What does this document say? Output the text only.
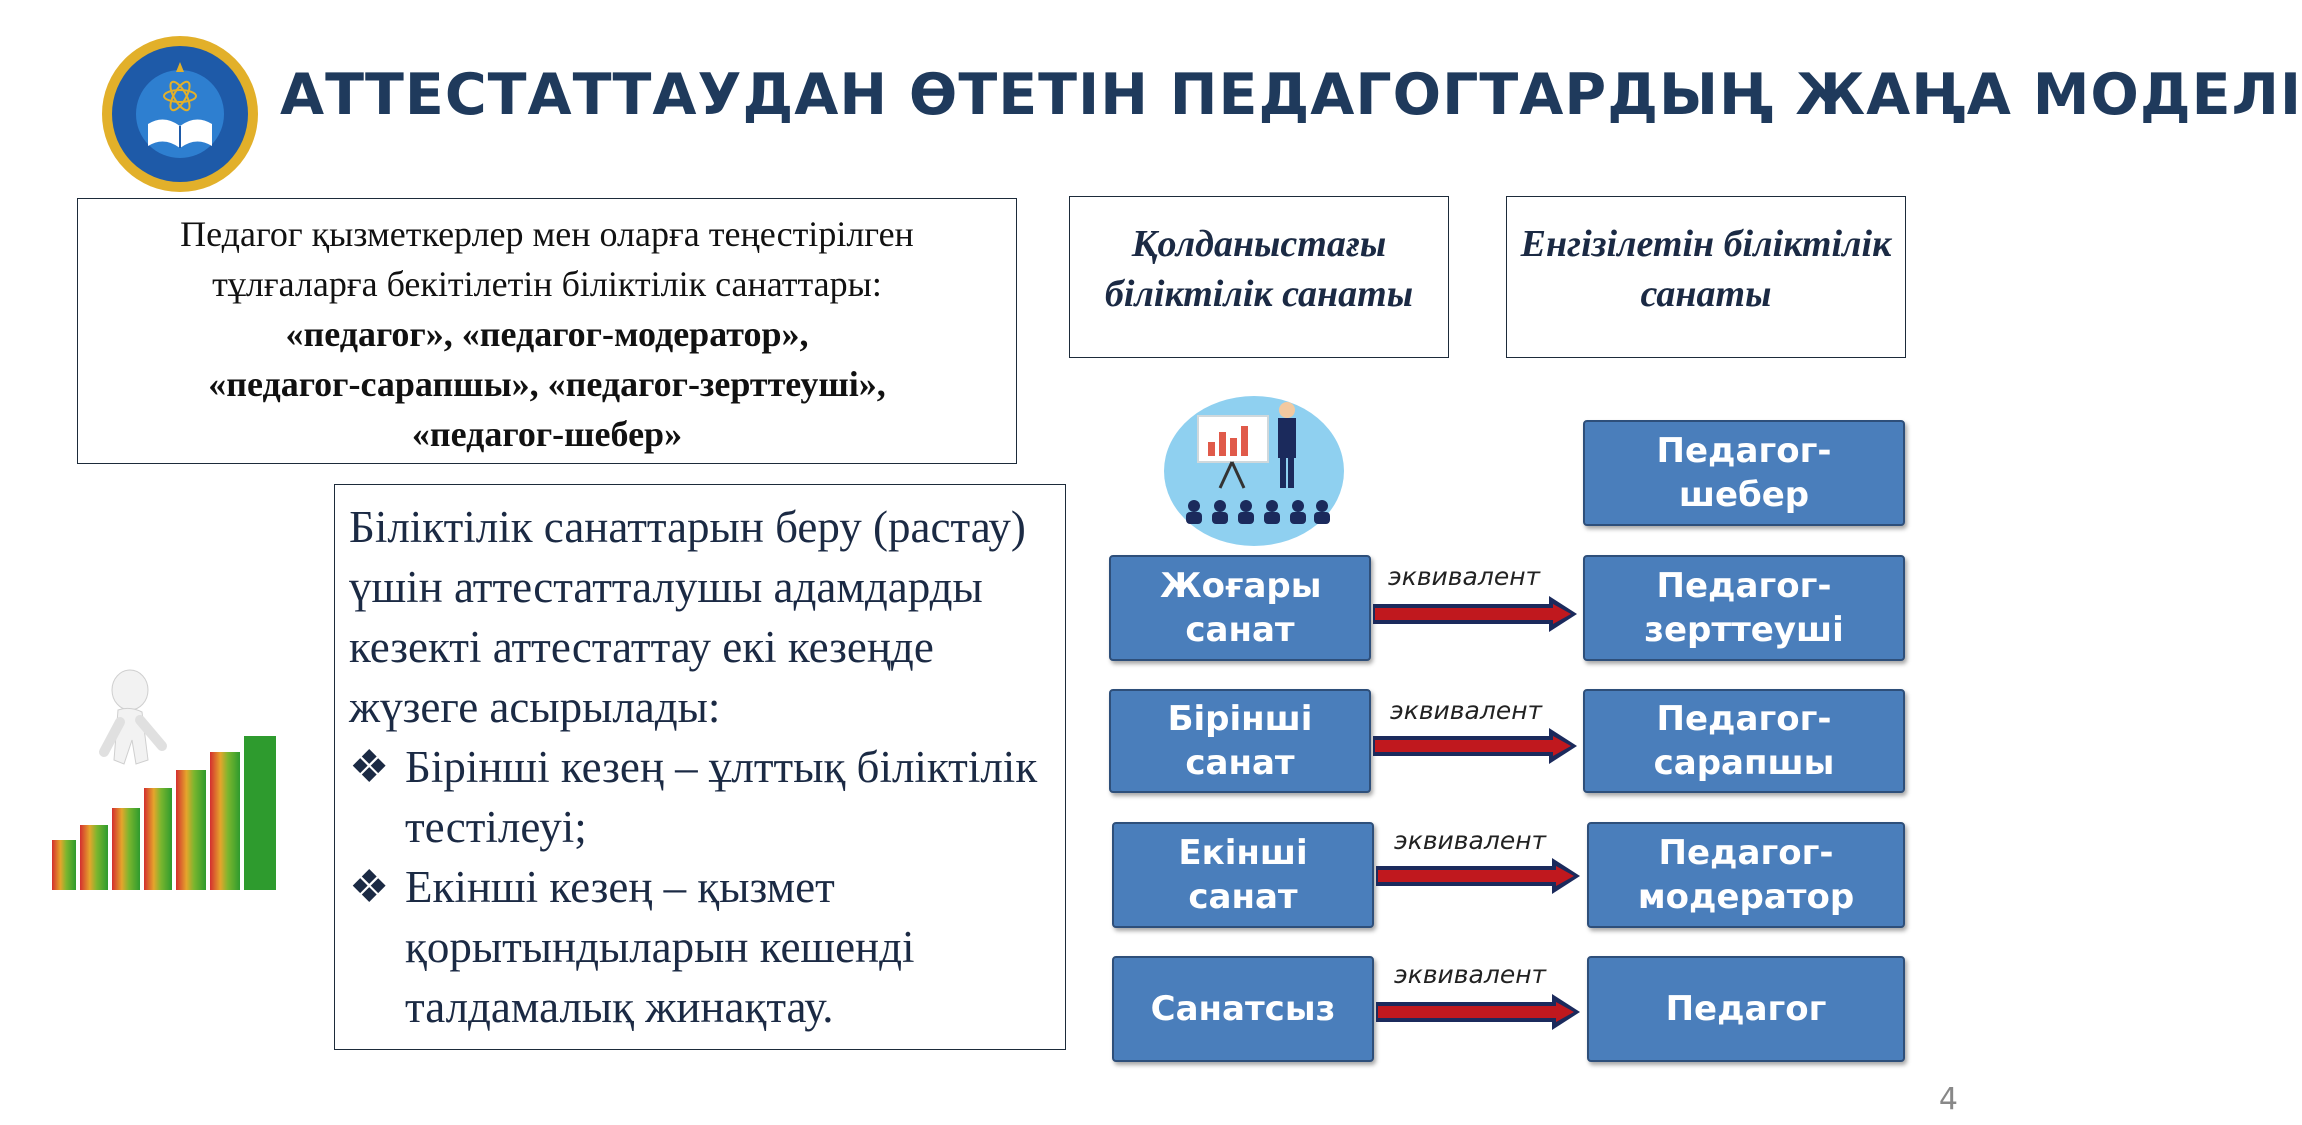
АТТЕСТАТТАУДАН ӨТЕТІН ПЕДАГОГТАРДЫҢ ЖАҢА МОДЕЛІ
Педагог қызметкерлер мен оларға теңестірілген
тұлғаларға бекітілетін біліктілік санаттары:
«педагог», «педагог-модератор»,
«педагог-сарапшы», «педагог-зерттеуші»,
«педагог-шебер»

Біліктілік санаттарын беру (растау) үшін аттестатталушы адамдарды кезекті аттестаттау екі кезеңде жүзеге асырылады:

❖ Бірінші кезең – ұлттық біліктілік тестілеуі;
❖ Екінші кезең – қызмет қорытындыларын кешенді талдамалық жинақтау.
Қолданыстағы біліктілік санаты
Енгізілетін біліктілік санаты
Педагог-шебер
Педагог-зерттеуші
Педагог-сарапшы
Педагог-модератор
Педагог
Жоғары санат
Бірінші санат
Екінші санат
Санатсыз
эквивалент
эквивалент
эквивалент
эквивалент
4
